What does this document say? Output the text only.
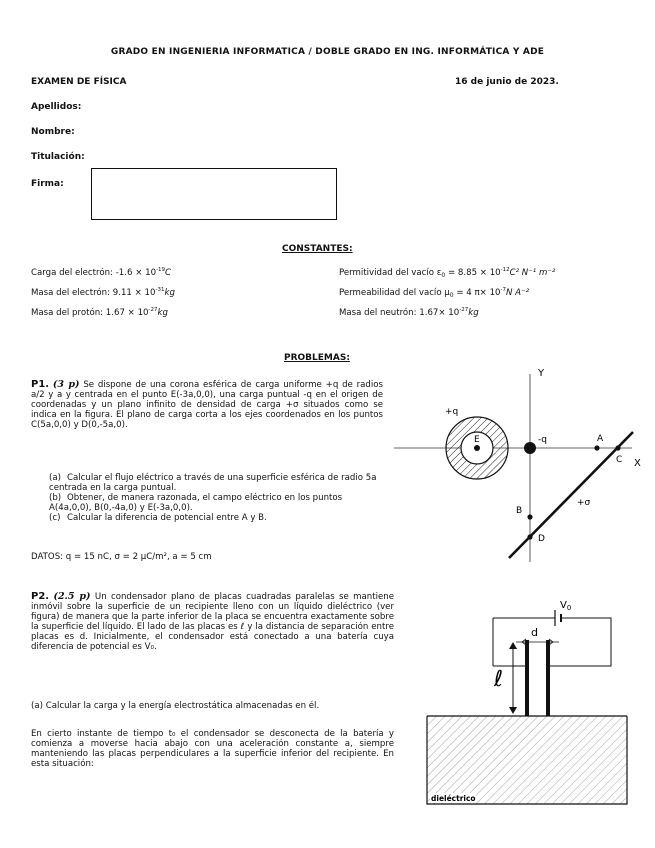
GRADO EN INGENIERIA INFORMATICA / DOBLE GRADO EN ING. INFORMÁTICA Y ADE
EXAMEN DE FÍSICA	16 de junio de 2023.
Apellidos:
Nombre:
Titulación:
Firma:
CONSTANTES:
Carga del electrón: $-1.6 \times 10^{-19}C$
Masa del electrón: $9.11 \times 10^{-31}kg$
Masa del protón: $1.67 \times 10^{-27}kg$
Permitividad del vacío $\varepsilon_0 = 8.85 \times 10^{-12}C^2$ N⁻¹ m⁻²
Permeabilidad del vacío $\mu_0 = 4$ $\pi\times 10^{-7}N$ A⁻²
Masa del neutrón: $1.67\times 10^{-27}kg$
PROBLEMAS:
P1. (3 p) Se dispone de una corona esférica de carga uniforme +q de radios a/2 y a y centrada en el punto E(-3a,0,0), una carga puntual -q en el origen de coordenadas y un plano infinito de densidad de carga +σ situados como se indica en la figura. El plano de carga corta a los ejes coordenados en los puntos C(5a,0,0) y D(0,-5a,0).
(a) Calcular el flujo eléctrico a través de una superficie esférica de radio 5a centrada en la carga puntual.
(b) Obtener, de manera razonada, el campo eléctrico en los puntos A(4a,0,0), B(0,-4a,0) y E(-3a,0,0).
(c) Calcular la diferencia de potencial entre A y B.
DATOS: q = 15 nC, σ = 2 μC/m², a = 5 cm
Y
X
E
+q
-q	A
C
B
D
+σ
P2. (2.5 p) Un condensador plano de placas cuadradas paralelas se mantiene inmóvil sobre la superficie de un recipiente lleno con un líquido dieléctrico (ver figura) de manera que la parte inferior de la placa se encuentra exactamente sobre la superficie del líquido. El lado de las placas es ℓ y la distancia de separación entre placas es d. Inicialmente, el condensador está conectado a una batería cuya diferencia de potencial es V₀.
(a) Calcular la carga y la energía electrostática almacenadas en él.
En cierto instante de tiempo t₀ el condensador se desconecta de la batería y comienza a moverse hacia abajo con una aceleración constante a, siempre manteniendo las placas perpendiculares a la superficie inferior del recipiente. En esta situación:
$V_0$
d
ℓ
dieléctrico
